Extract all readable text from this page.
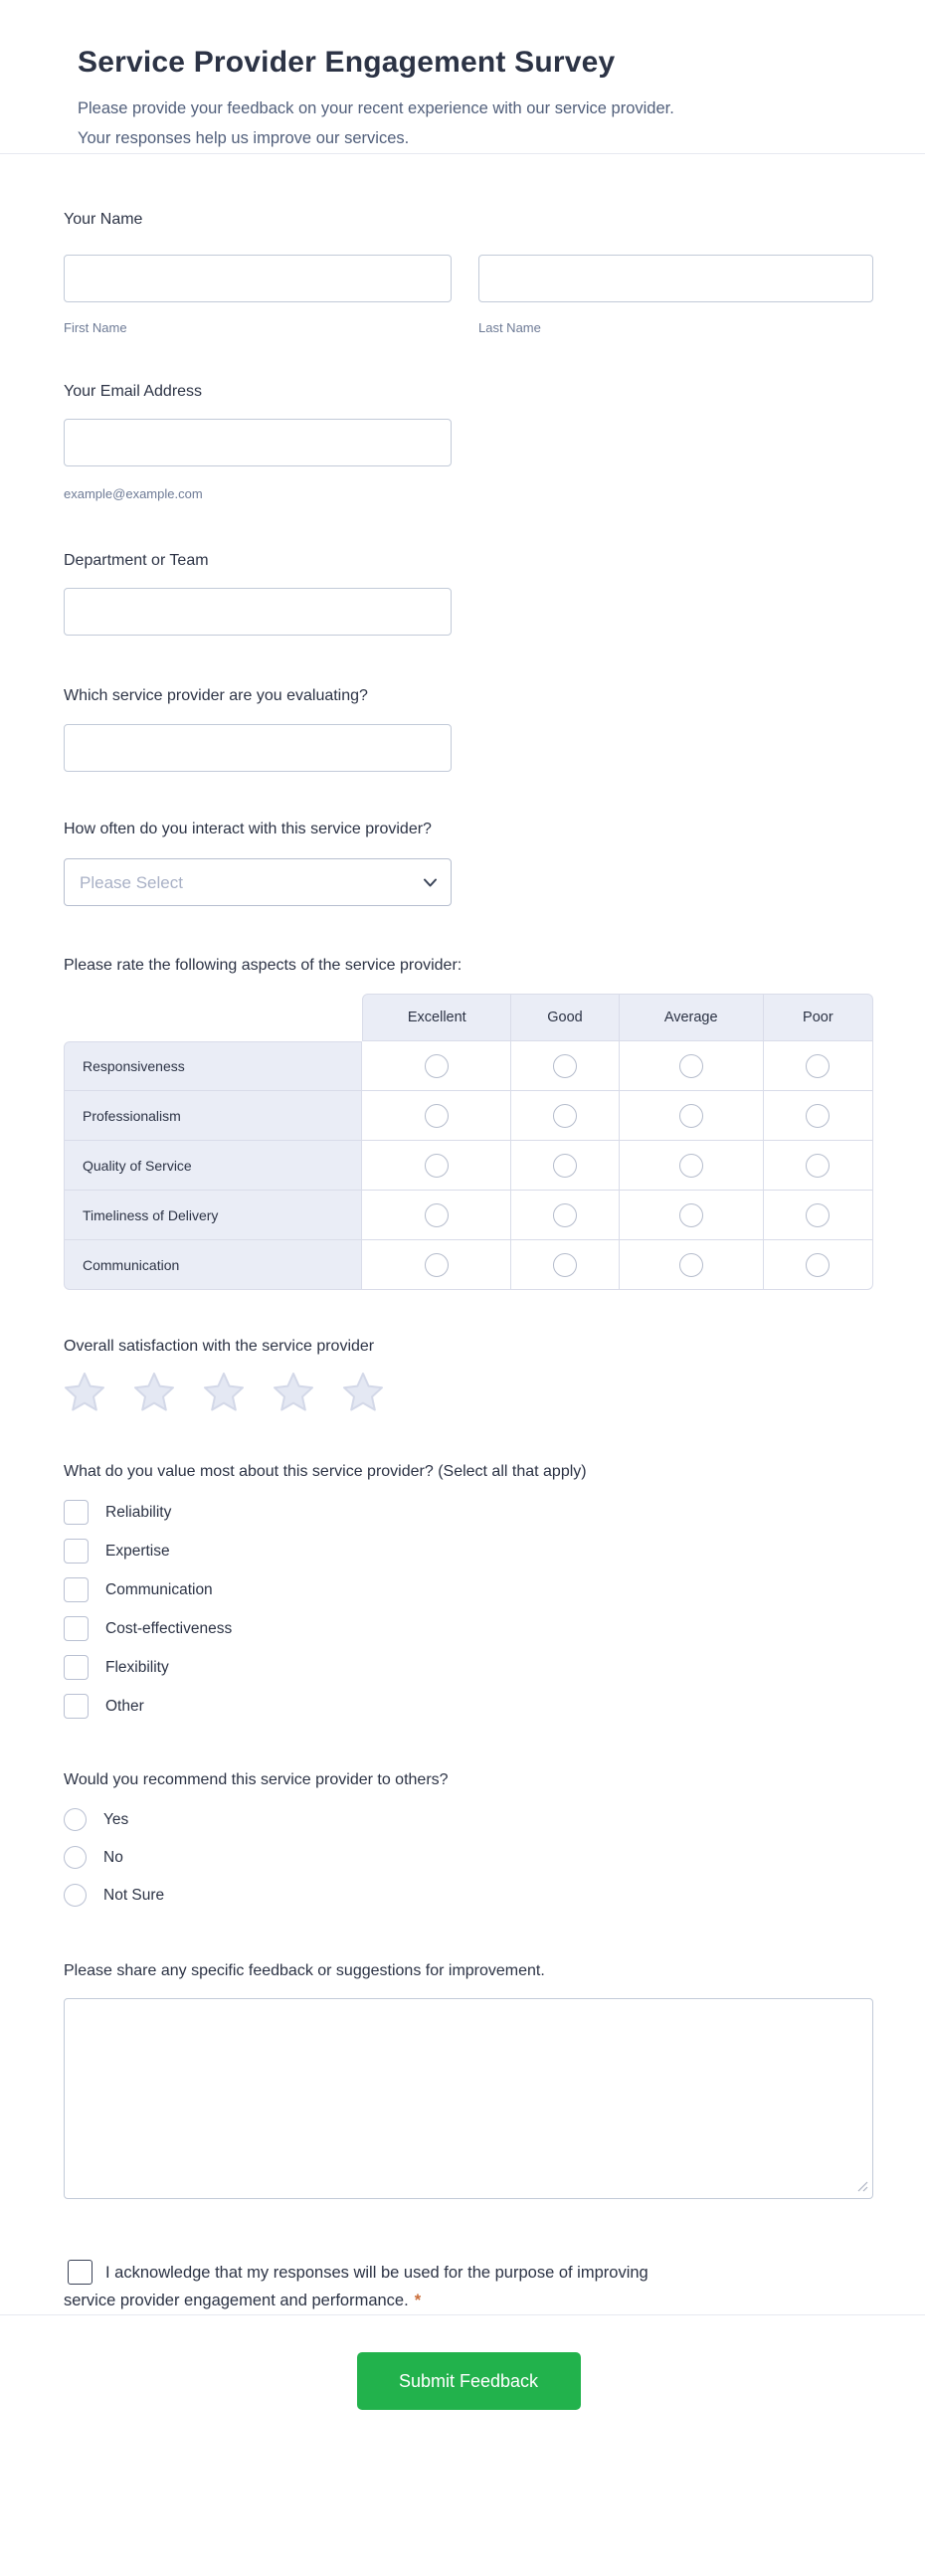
Service Provider Engagement Survey
Please provide your feedback on your recent experience with our service provider.
Your responses help us improve our services.
Your Name
First Name	Last Name
Your Email Address
example@example.com
Department or Team
Which service provider are you evaluating?
How often do you interact with this service provider?
Please Select
Please rate the following aspects of the service provider:
	Excellent	Good	Average	Poor
Responsiveness				
Professionalism				
Quality of Service				
Timeliness of Delivery				
Communication				
Overall satisfaction with the service provider
What do you value most about this service provider? (Select all that apply)
Reliability
Expertise
Communication
Cost-effectiveness
Flexibility
Other
Would you recommend this service provider to others?
Yes
No
Not Sure
Please share any specific feedback or suggestions for improvement.
I acknowledge that my responses will be used for the purpose of improving service provider engagement and performance. *
Submit Feedback
